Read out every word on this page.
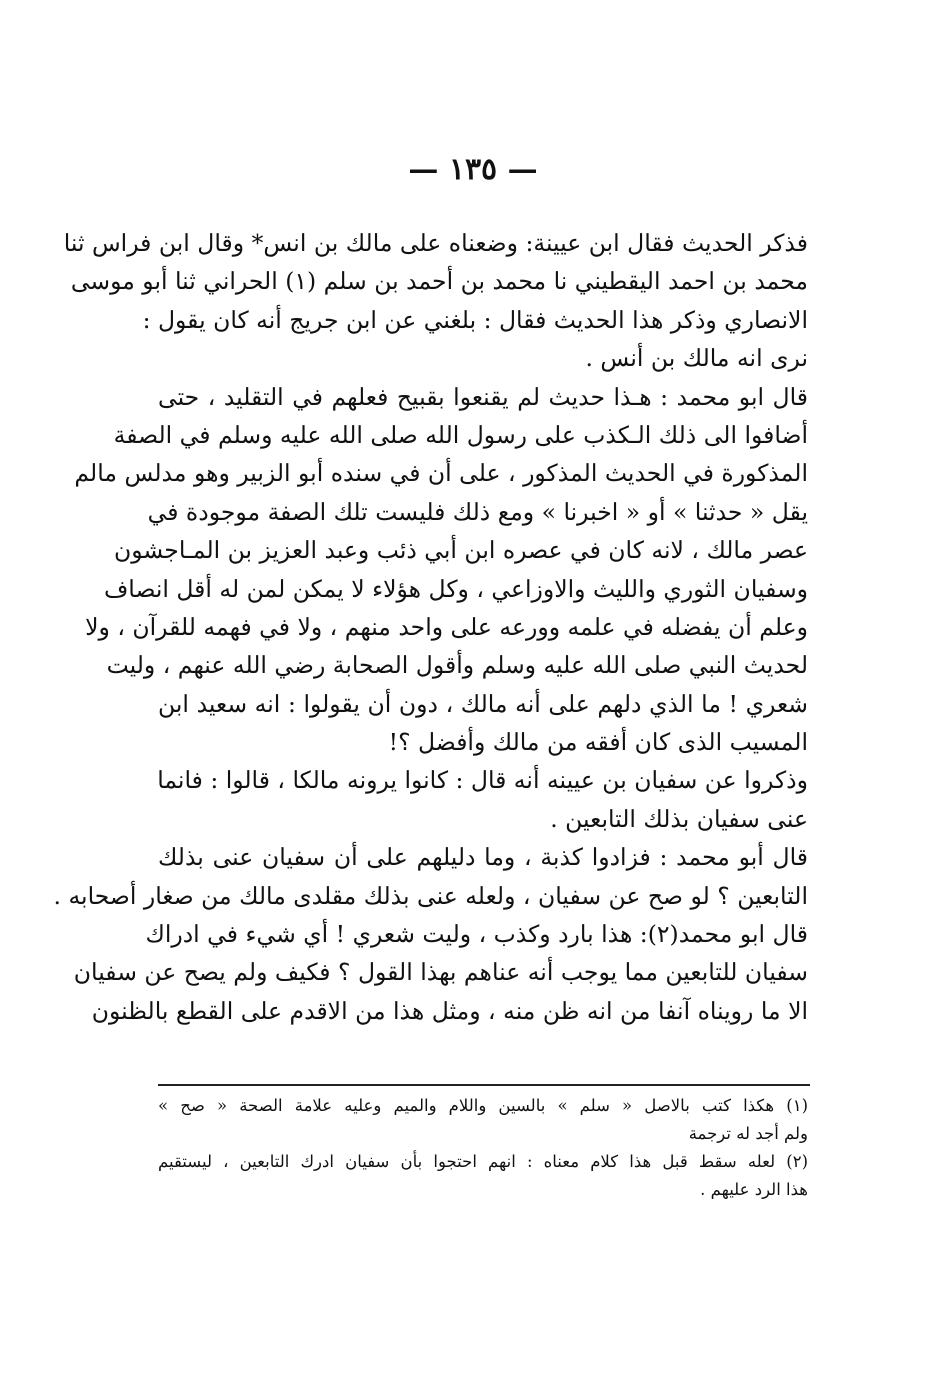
— ١٣٥ —
فذكر الحديث فقال ابن عيينة: وضعناه على مالك بن انس* وقال ابن فراس ثنا
محمد بن احمد اليقطيني نا محمد بن أحمد بن سلم (١) الحراني ثنا أبو موسى
الانصاري وذكر هذا الحديث فقال : بلغني عن ابن جريج أنه كان يقول :
نرى انه مالك بن أنس .
قال ابو محمد : هـذا حديث لم يقنعوا بقبيح فعلهم في التقليد ، حتى
أضافوا الى ذلك الـكذب على رسول الله صلى الله عليه وسلم في الصفة
المذكورة في الحديث المذكور ، على أن في سنده أبو الزبير وهو مدلس مالم
يقل « حدثنا » أو « اخبرنا » ومع ذلك فليست تلك الصفة موجودة في
عصر مالك ، لانه كان في عصره ابن أبي ذئب وعبد العزيز بن المـاجشون
وسفيان الثوري والليث والاوزاعي ، وكل هؤلاء لا يمكن لمن له أقل انصاف
وعلم أن يفضله في علمه وورعه على واحد منهم ، ولا في فهمه للقرآن ، ولا
لحديث النبي صلى الله عليه وسلم وأقول الصحابة رضي الله عنهم ، وليت
شعري ! ما الذي دلهم على أنه مالك ، دون أن يقولوا : انه سعيد ابن
المسيب الذى كان أفقه من مالك وأفضل ؟!
وذكروا عن سفيان بن عيينه أنه قال : كانوا يرونه مالكا ، قالوا : فانما
عنى سفيان بذلك التابعين .
قال أبو محمد : فزادوا كذبة ، وما دليلهم على أن سفيان عنى بذلك
التابعين ؟ لو صح عن سفيان ، ولعله عنى بذلك مقلدى مالك من صغار أصحابه .
قال ابو محمد(٢): هذا بارد وكذب ، وليت شعري ! أي شيء في ادراك
سفيان للتابعين مما يوجب أنه عناهم بهذا القول ؟ فكيف ولم يصح عن سفيان
الا ما رويناه آنفا من انه ظن منه ، ومثل هذا من الاقدم على القطع بالظنون
(١) هكذا كتب بالاصل « سلم » بالسين واللام والميم وعليه علامة الصحة « صح »
ولم أجد له ترجمة
(٢) لعله سقط قبل هذا كلام معناه : انهم احتجوا بأن سفيان ادرك التابعين ، ليستقيم
هذا الرد عليهم .
